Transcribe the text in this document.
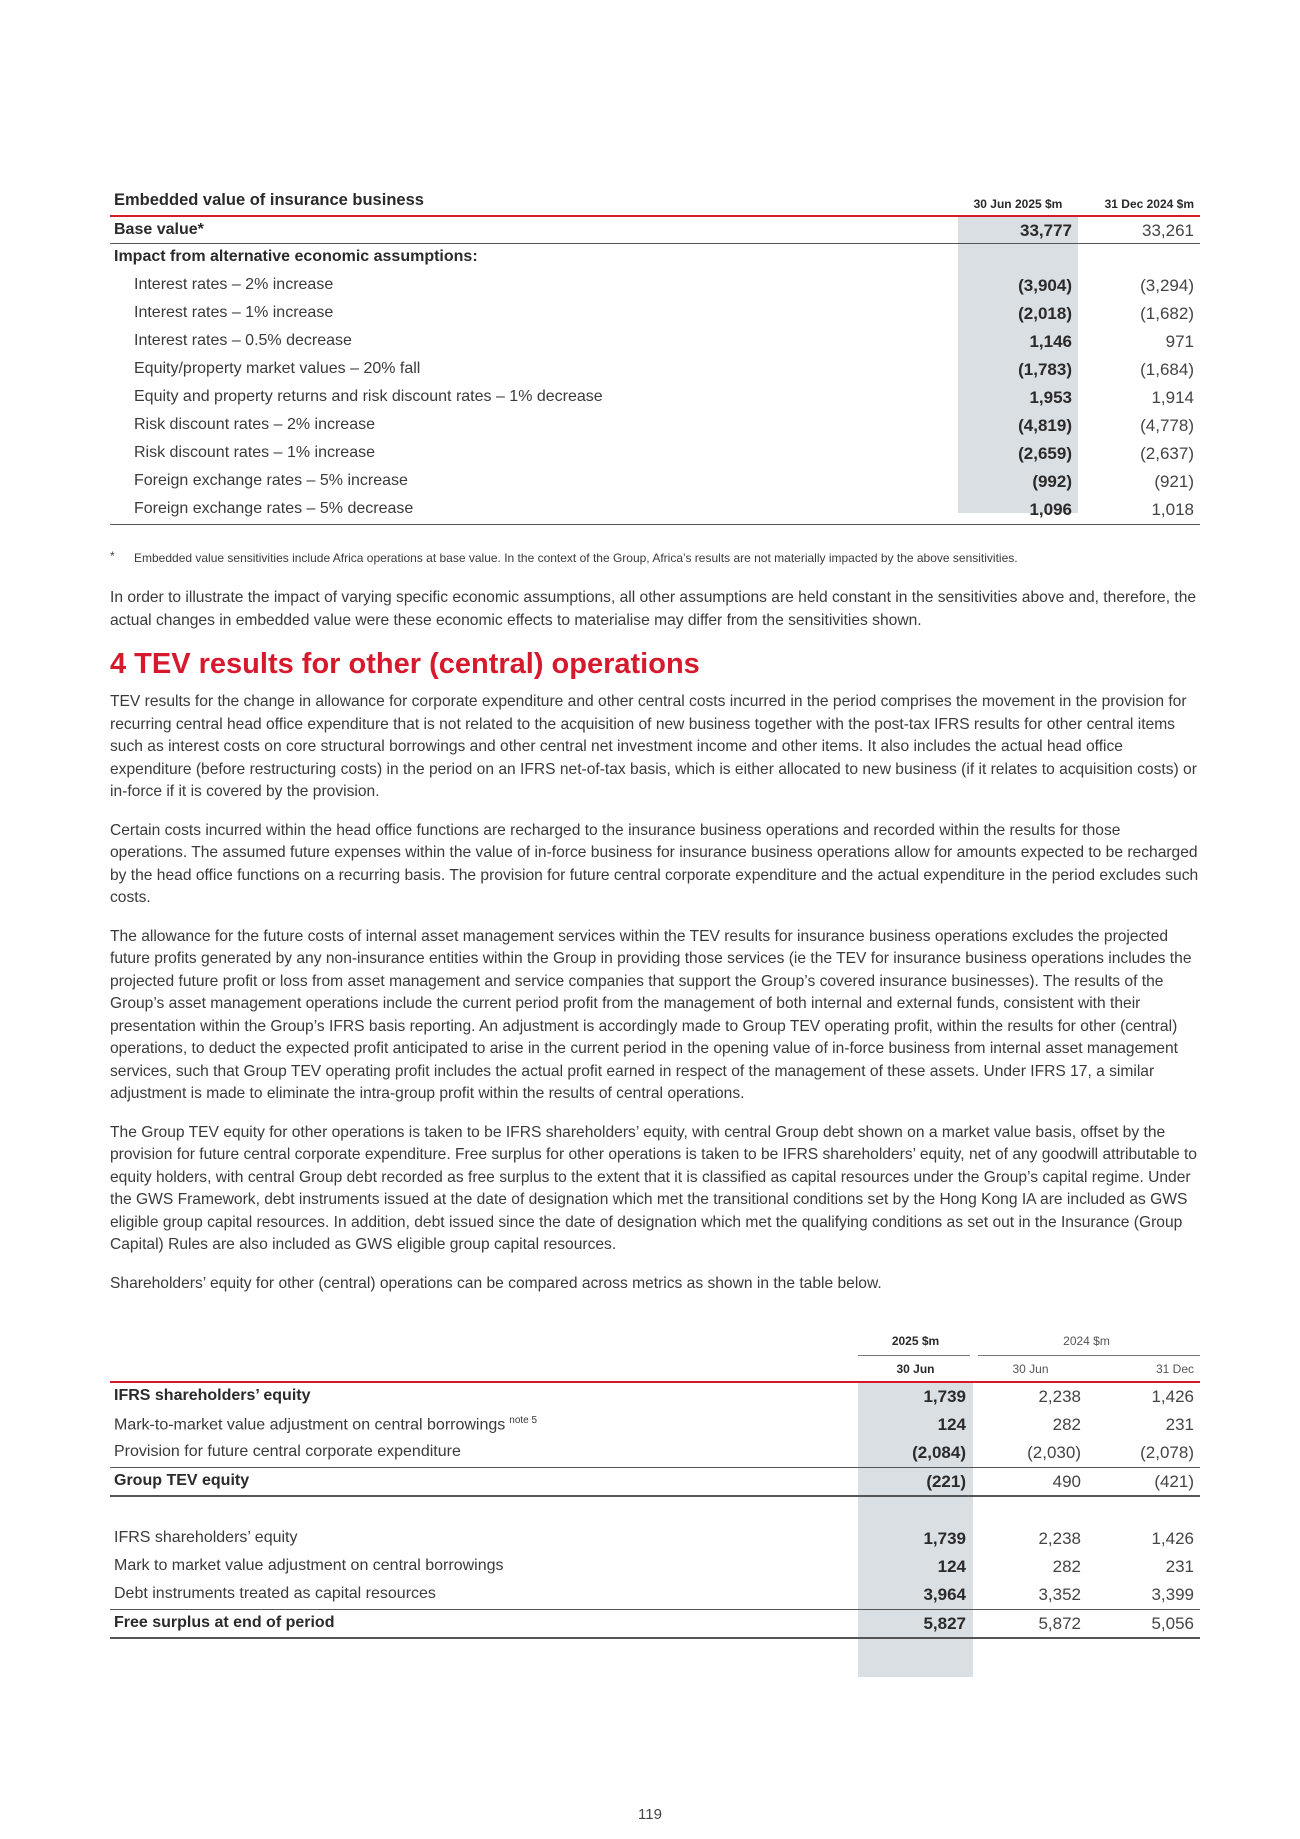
Embedded value of insurance business	30 Jun 2025 $m	31 Dec 2024 $m
Base value*	33,777	33,261
Impact from alternative economic assumptions:
Interest rates – 2% increase	(3,904)	(3,294)
Interest rates – 1% increase	(2,018)	(1,682)
Interest rates – 0.5% decrease	1,146	971
Equity/property market values – 20% fall	(1,783)	(1,684)
Equity and property returns and risk discount rates – 1% decrease	1,953	1,914
Risk discount rates – 2% increase	(4,819)	(4,778)
Risk discount rates – 1% increase	(2,659)	(2,637)
Foreign exchange rates – 5% increase	(992)	(921)
Foreign exchange rates – 5% decrease	1,096	1,018
* Embedded value sensitivities include Africa operations at base value. In the context of the Group, Africa’s results are not materially impacted by the above sensitivities.

In order to illustrate the impact of varying specific economic assumptions, all other assumptions are held constant in the sensitivities above and, therefore, the actual changes in embedded value were these economic effects to materialise may differ from the sensitivities shown.

4 TEV results for other (central) operations

TEV results for the change in allowance for corporate expenditure and other central costs incurred in the period comprises the movement in the provision for recurring central head office expenditure that is not related to the acquisition of new business together with the post-tax IFRS results for other central items such as interest costs on core structural borrowings and other central net investment income and other items. It also includes the actual head office expenditure (before restructuring costs) in the period on an IFRS net-of-tax basis, which is either allocated to new business (if it relates to acquisition costs) or in-force if it is covered by the provision.

Certain costs incurred within the head office functions are recharged to the insurance business operations and recorded within the results for those operations. The assumed future expenses within the value of in-force business for insurance business operations allow for amounts expected to be recharged by the head office functions on a recurring basis. The provision for future central corporate expenditure and the actual expenditure in the period excludes such costs.

The allowance for the future costs of internal asset management services within the TEV results for insurance business operations excludes the projected future profits generated by any non-insurance entities within the Group in providing those services (ie the TEV for insurance business operations includes the projected future profit or loss from asset management and service companies that support the Group’s covered insurance businesses). The results of the Group’s asset management operations include the current period profit from the management of both internal and external funds, consistent with their presentation within the Group’s IFRS basis reporting. An adjustment is accordingly made to Group TEV operating profit, within the results for other (central) operations, to deduct the expected profit anticipated to arise in the current period in the opening value of in-force business from internal asset management services, such that Group TEV operating profit includes the actual profit earned in respect of the management of these assets. Under IFRS 17, a similar adjustment is made to eliminate the intra-group profit within the results of central operations.

The Group TEV equity for other operations is taken to be IFRS shareholders’ equity, with central Group debt shown on a market value basis, offset by the provision for future central corporate expenditure. Free surplus for other operations is taken to be IFRS shareholders’ equity, net of any goodwill attributable to equity holders, with central Group debt recorded as free surplus to the extent that it is classified as capital resources under the Group’s capital regime. Under the GWS Framework, debt instruments issued at the date of designation which met the transitional conditions set by the Hong Kong IA are included as GWS eligible group capital resources. In addition, debt issued since the date of designation which met the qualifying conditions as set out in the Insurance (Group Capital) Rules are also included as GWS eligible group capital resources.

Shareholders’ equity for other (central) operations can be compared across metrics as shown in the table below.

2025 $m	2024 $m
30 Jun	30 Jun	31 Dec
IFRS shareholders’ equity	1,739	2,238	1,426
Mark-to-market value adjustment on central borrowings $^{note 5}$	124	282	231
Provision for future central corporate expenditure	(2,084)	(2,030)	(2,078)
Group TEV equity	(221)	490	(421)
IFRS shareholders’ equity	1,739	2,238	1,426
Mark to market value adjustment on central borrowings	124	282	231
Debt instruments treated as capital resources	3,964	3,352	3,399
Free surplus at end of period	5,827	5,872	5,056
119
